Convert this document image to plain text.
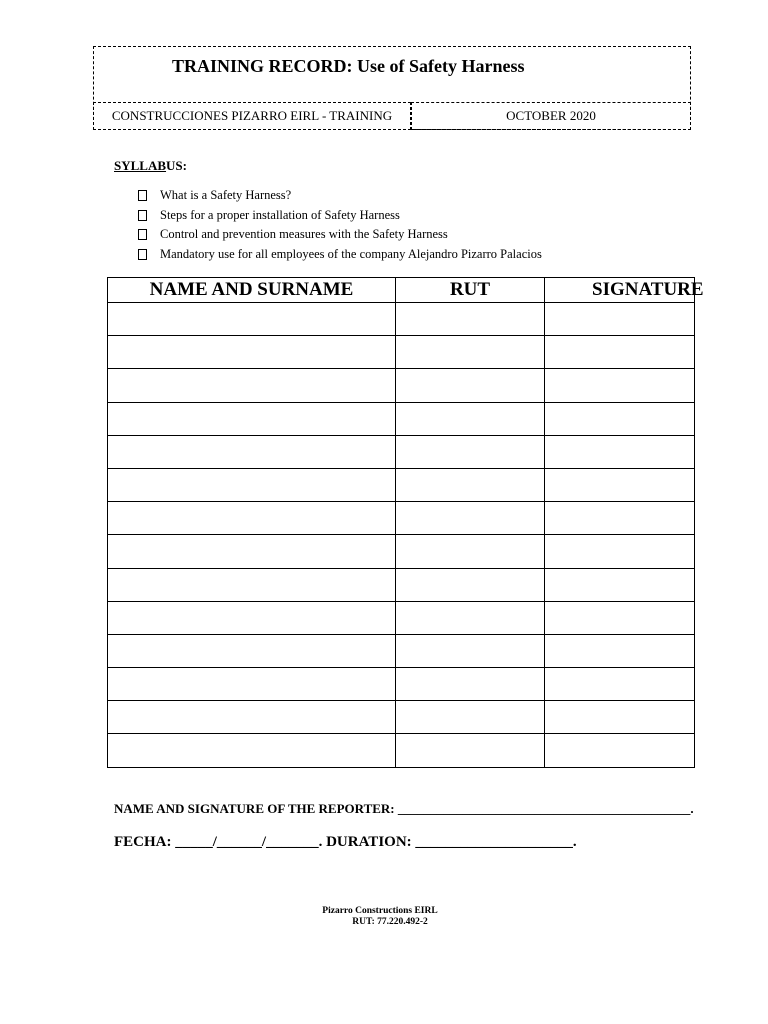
TRAINING RECORD: Use of Safety Harness
CONSTRUCCIONES PIZARRO EIRL - TRAINING	OCTOBER 2020
SYLLABUS:
What is a Safety Harness?
Steps for a proper installation of Safety Harness
Control and prevention measures with the Safety Harness
Mandatory use for all employees of the company Alejandro Pizarro Palacios
NAME AND SURNAME	RUT	SIGNATURE

NAME AND SIGNATURE OF THE REPORTER: _____________________________________________.
FECHA: _____/______/_______. DURATION: _____________________.
Pizarro Constructions EIRL
RUT: 77.220.492-2
